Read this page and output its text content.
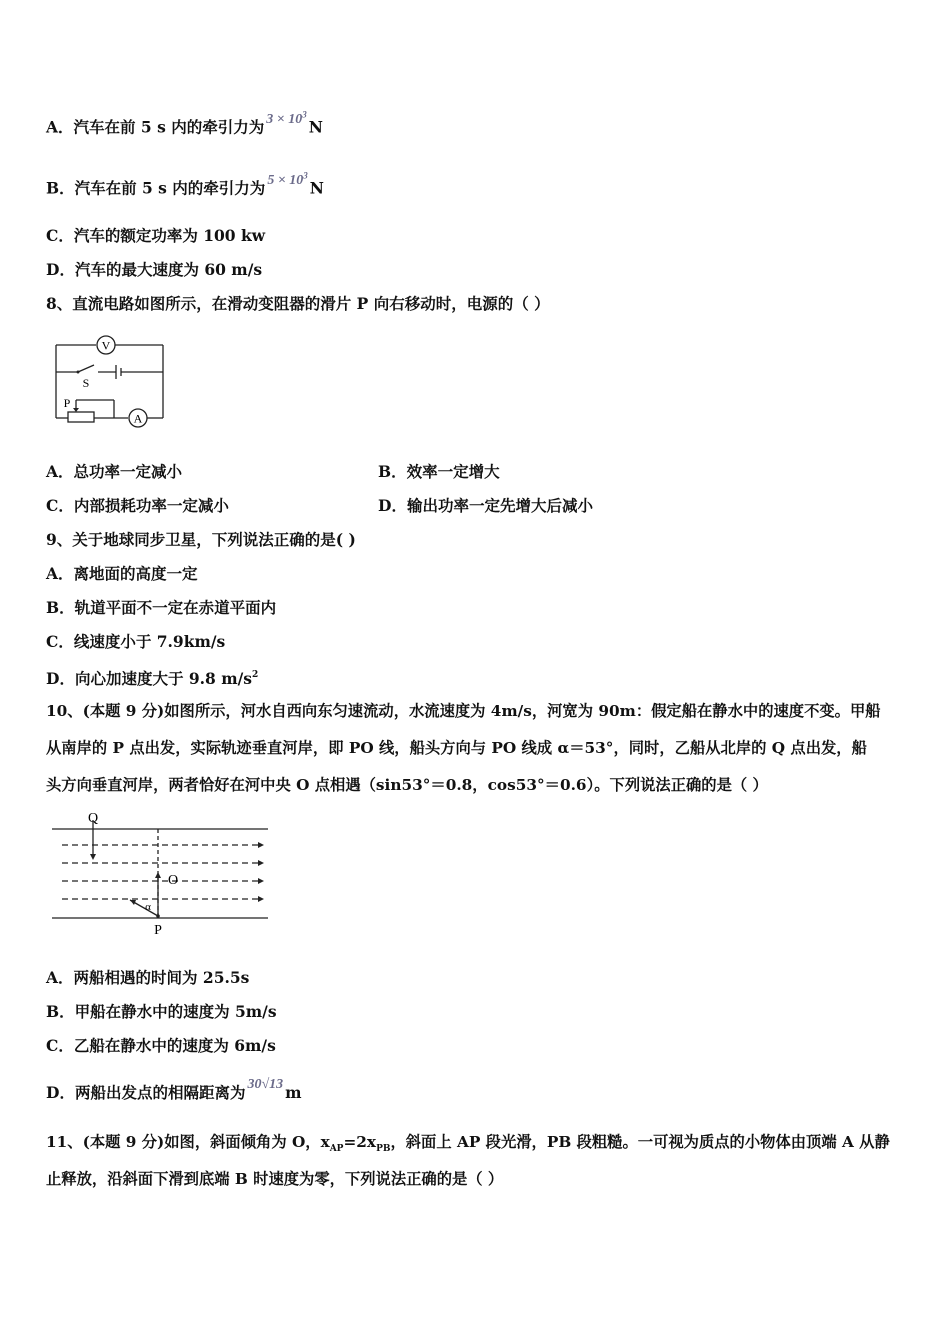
A．汽车在前 5 s 内的牵引力为 $3 \times 10^3N$
B．汽车在前 5 s 内的牵引力为 $5 \times 10^3N$
C．汽车的额定功率为 100 kw
D．汽车的最大速度为 60 m/s
8、直流电路如图所示，在滑动变阻器的滑片 P 向右移动时，电源的（ ）
V
A
S
P
A．总功率一定减小	B．效率一定增大
C．内部损耗功率一定减小	D．输出功率一定先增大后减小
9、关于地球同步卫星，下列说法正确的是( )
A．离地面的高度一定
B．轨道平面不一定在赤道平面内
C．线速度小于 7.9km/s
D．向心加速度大于 9.8 $m/s^2$
10、(本题 9 分)如图所示，河水自西向东匀速流动，水流速度为 4m/s，河宽为 90m：假定船在静水中的速度不变。甲船
从南岸的 P 点出发，实际轨迹垂直河岸，即 PO 线，船头方向与 PO 线成 α＝53°，同时，乙船从北岸的 Q 点出发，船
头方向垂直河岸，两者恰好在河中央 O 点相遇（sin53°＝0.8，cos53°＝0.6）。下列说法正确的是（ ）
Q
O
P
α
A．两船相遇的时间为 25.5s
B．甲船在静水中的速度为 5m/s
C．乙船在静水中的速度为 6m/s
D．两船出发点的相隔距离为 30√13 m
11、(本题 9 分)如图，斜面倾角为 O，$x_{AP}=2x_{PB}$，斜面上 AP 段光滑，PB 段粗糙。一可视为质点的小物体由顶端 A 从静
止释放，沿斜面下滑到底端 B 时速度为零，下列说法正确的是（ ）
